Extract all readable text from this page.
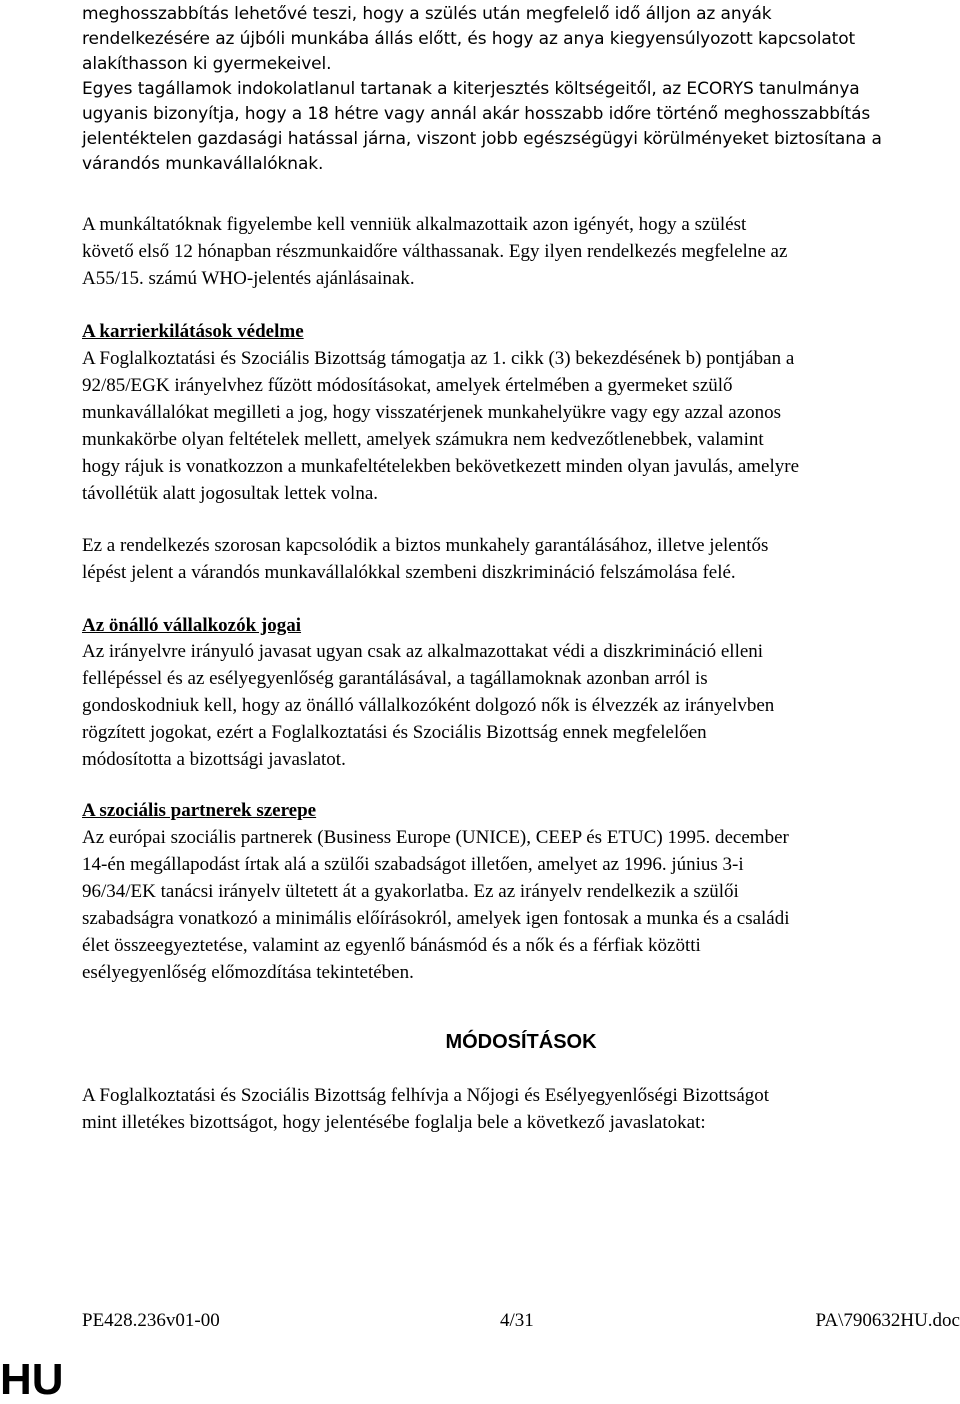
meghosszabbítás lehetővé teszi, hogy a szülés után megfelelő idő álljon az anyák
rendelkezésére az újbóli munkába állás előtt, és hogy az anya kiegyensúlyozott kapcsolatot
alakíthasson ki gyermekeivel.

Egyes tagállamok indokolatlanul tartanak a kiterjesztés költségeitől, az ECORYS tanulmánya
ugyanis bizonyítja, hogy a 18 hétre vagy annál akár hosszabb időre történő meghosszabbítás
jelentéktelen gazdasági hatással járna, viszont jobb egészségügyi körülményeket biztosítana a
várandós munkavállalóknak.

A munkáltatóknak figyelembe kell venniük alkalmazottaik azon igényét, hogy a szülést
követő első 12 hónapban részmunkaidőre válthassanak. Egy ilyen rendelkezés megfelelne az
A55/15. számú WHO-jelentés ajánlásainak.

A karrierkilátások védelme

A Foglalkoztatási és Szociális Bizottság támogatja az 1. cikk (3) bekezdésének b) pontjában a
92/85/EGK irányelvhez fűzött módosításokat, amelyek értelmében a gyermeket szülő
munkavállalókat megilleti a jog, hogy visszatérjenek munkahelyükre vagy egy azzal azonos
munkakörbe olyan feltételek mellett, amelyek számukra nem kedvezőtlenebbek, valamint
hogy rájuk is vonatkozzon a munkafeltételekben bekövetkezett minden olyan javulás, amelyre
távollétük alatt jogosultak lettek volna.

Ez a rendelkezés szorosan kapcsolódik a biztos munkahely garantálásához, illetve jelentős
lépést jelent a várandós munkavállalókkal szembeni diszkrimináció felszámolása felé.

Az önálló vállalkozók jogai

Az irányelvre irányuló javasat ugyan csak az alkalmazottakat védi a diszkrimináció elleni
fellépéssel és az esélyegyenlőség garantálásával, a tagállamoknak azonban arról is
gondoskodniuk kell, hogy az önálló vállalkozóként dolgozó nők is élvezzék az irányelvben
rögzített jogokat, ezért a Foglalkoztatási és Szociális Bizottság ennek megfelelően
módosította a bizottsági javaslatot.

A szociális partnerek szerepe

Az európai szociális partnerek (Business Europe (UNICE), CEEP és ETUC) 1995. december
14-én megállapodást írtak alá a szülői szabadságot illetően, amelyet az 1996. június 3-i
96/34/EK tanácsi irányelv ültetett át a gyakorlatba. Ez az irányelv rendelkezik a szülői
szabadságra vonatkozó a minimális előírásokról, amelyek igen fontosak a munka és a családi
élet összeegyeztetése, valamint az egyenlő bánásmód és a nők és a férfiak közötti
esélyegyenlőség előmozdítása tekintetében.

MÓDOSÍTÁSOK

A Foglalkoztatási és Szociális Bizottság felhívja a Nőjogi és Esélyegyenlőségi Bizottságot
mint illetékes bizottságot, hogy jelentésébe foglalja bele a következő javaslatokat:

PE428.236v01-00	4/31	PA\790632HU.doc
HU
